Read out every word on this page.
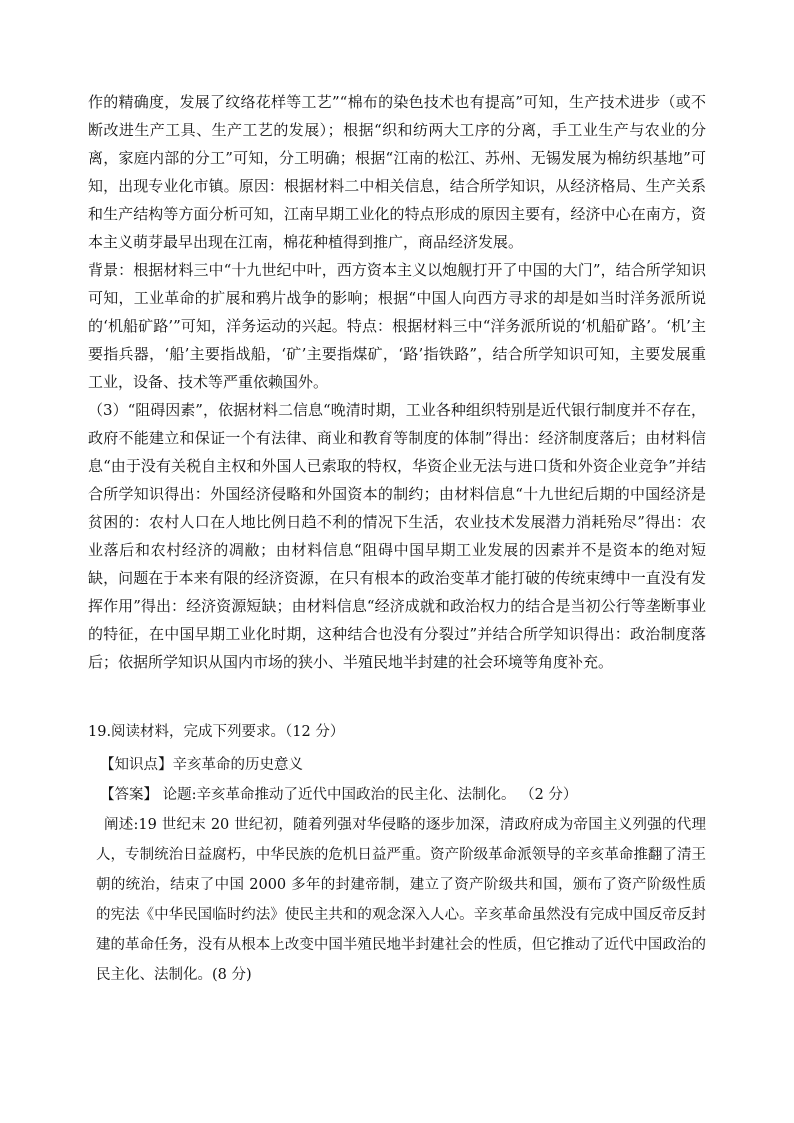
作的精确度，发展了纹络花样等工艺”“棉布的染色技术也有提高”可知，生产技术进步（或不断改进生产工具、生产工艺的发展）；根据“织和纺两大工序的分离，手工业生产与农业的分离，家庭内部的分工”可知，分工明确；根据“江南的松江、苏州、无锡发展为棉纺织基地”可知，出现专业化市镇。原因：根据材料二中相关信息，结合所学知识，从经济格局、生产关系和生产结构等方面分析可知，江南早期工业化的特点形成的原因主要有，经济中心在南方，资本主义萌芽最早出现在江南，棉花种植得到推广，商品经济发展。

背景：根据材料三中“十九世纪中叶，西方资本主义以炮舰打开了中国的大门”，结合所学知识可知，工业革命的扩展和鸦片战争的影响；根据“中国人向西方寻求的却是如当时洋务派所说的‘机船矿路’”可知，洋务运动的兴起。特点：根据材料三中“洋务派所说的‘机船矿路’。‘机’主要指兵器，‘船’主要指战船，‘矿’主要指煤矿，‘路’指铁路”，结合所学知识可知，主要发展重工业，设备、技术等严重依赖国外。

（3）“阻碍因素”，依据材料二信息“晚清时期，工业各种组织特别是近代银行制度并不存在，政府不能建立和保证一个有法律、商业和教育等制度的体制”得出：经济制度落后；由材料信息“由于没有关税自主权和外国人已索取的特权，华资企业无法与进口货和外资企业竞争”并结合所学知识得出：外国经济侵略和外国资本的制约；由材料信息“十九世纪后期的中国经济是贫困的：农村人口在人地比例日趋不利的情况下生活，农业技术发展潜力消耗殆尽”得出：农业落后和农村经济的凋敝；由材料信息“阻碍中国早期工业发展的因素并不是资本的绝对短缺，问题在于本来有限的经济资源，在只有根本的政治变革才能打破的传统束缚中一直没有发挥作用”得出：经济资源短缺；由材料信息“经济成就和政治权力的结合是当初公行等垄断事业的特征，在中国早期工业化时期，这种结合也没有分裂过”并结合所学知识得出：政治制度落后；依据所学知识从国内市场的狭小、半殖民地半封建的社会环境等角度补充。

19.阅读材料，完成下列要求。（12 分）

【知识点】辛亥革命的历史意义

【答案】 论题:辛亥革命推动了近代中国政治的民主化、法制化。 （2 分）

阐述:19 世纪末 20 世纪初，随着列强对华侵略的逐步加深，清政府成为帝国主义列强的代理人，专制统治日益腐朽，中华民族的危机日益严重。资产阶级革命派领导的辛亥革命推翻了清王朝的统治，结束了中国 2000 多年的封建帝制，建立了资产阶级共和国，颁布了资产阶级性质的宪法《中华民国临时约法》使民主共和的观念深入人心。辛亥革命虽然没有完成中国反帝反封建的革命任务，没有从根本上改变中国半殖民地半封建社会的性质，但它推动了近代中国政治的民主化、法制化。(8 分)
